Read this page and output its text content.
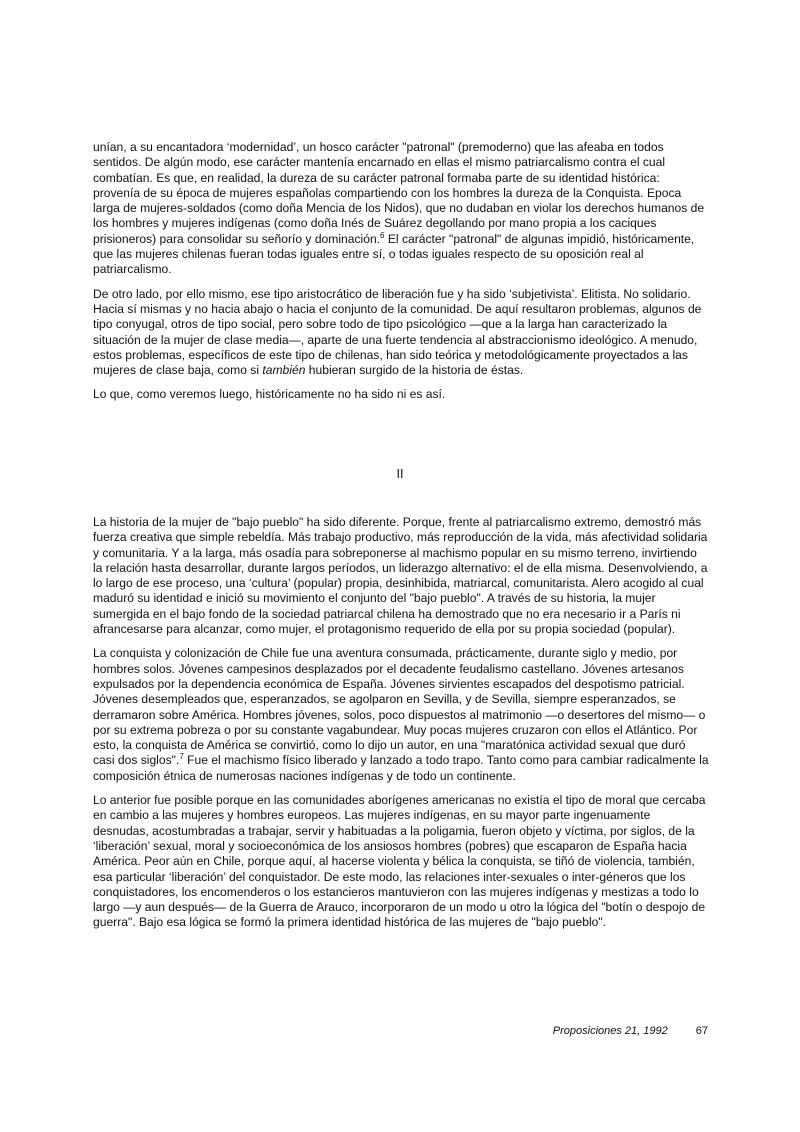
unían, a su encantadora ‘modernidad’, un hosco carácter "patronal" (premoderno) que las afeaba en todos sentidos. De algún modo, ese carácter mantenía encarnado en ellas el mismo patriarcalismo contra el cual combatían. Es que, en realidad, la dureza de su carácter patronal formaba parte de su identidad histórica: provenía de su época de mujeres españolas compartiendo con los hombres la dureza de la Conquista. Epoca larga de mujeres-soldados (como doña Mencia de los Nidos), que no dudaban en violar los derechos humanos de los hombres y mujeres indígenas (como doña Inés de Suárez degollando por mano propia a los caciques prisioneros) para consolidar su señorío y dominación.$^6$ El carácter "patronal" de algunas impidió, históricamente, que las mujeres chilenas fueran todas iguales entre sí, o todas iguales respecto de su oposición real al patriarcalismo.

De otro lado, por ello mismo, ese tipo aristocrático de liberación fue y ha sido ‘subjetivista’. Elitista. No solidario. Hacia sí mismas y no hacia abajo o hacia el conjunto de la comunidad. De aquí resultaron problemas, algunos de tipo conyugal, otros de tipo social, pero sobre todo de tipo psicológico —que a la larga han caracterizado la situación de la mujer de clase media—, aparte de una fuerte tendencia al abstraccionismo ideológico. A menudo, estos problemas, específicos de este tipo de chilenas, han sido teórica y metodológicamente proyectados a las mujeres de clase baja, como si también hubieran surgido de la historia de éstas.

Lo que, como veremos luego, históricamente no ha sido ni es así.

II

La historia de la mujer de "bajo pueblo" ha sido diferente. Porque, frente al patriarcalismo extremo, demostró más fuerza creativa que simple rebeldía. Más trabajo productivo, más reproducción de la vida, más afectividad solidaria y comunitaria. Y a la larga, más osadía para sobreponerse al machismo popular en su mismo terreno, invirtiendo la relación hasta desarrollar, durante largos períodos, un liderazgo alternativo: el de ella misma. Desenvolviendo, a lo largo de ese proceso, una ‘cultura’ (popular) propia, desinhibida, matriarcal, comunitarista. Alero acogido al cual maduró su identidad e inició su movimiento el conjunto del "bajo pueblo". A través de su historia, la mujer sumergida en el bajo fondo de la sociedad patriarcal chilena ha demostrado que no era necesario ir a París ni afrancesarse para alcanzar, como mujer, el protagonismo requerido de ella por su propia sociedad (popular).

La conquista y colonización de Chile fue una aventura consumada, prácticamente, durante siglo y medio, por hombres solos. Jóvenes campesinos desplazados por el decadente feudalismo castellano. Jóvenes artesanos expulsados por la dependencia económica de España. Jóvenes sirvientes escapados del despotismo patricial. Jóvenes desempleados que, esperanzados, se agolparon en Sevilla, y de Sevilla, siempre esperanzados, se derramaron sobre América. Hombres jóvenes, solos, poco dispuestos al matrimonio —o desertores del mismo— o por su extrema pobreza o por su constante vagabundear. Muy pocas mujeres cruzaron con ellos el Atlántico. Por esto, la conquista de América se convirtió, como lo dijo un autor, en una "maratónica actividad sexual que duró casi dos siglos".$^7$ Fue el machismo físico liberado y lanzado a todo trapo. Tanto como para cambiar radicalmente la composición étnica de numerosas naciones indígenas y de todo un continente.

Lo anterior fue posible porque en las comunidades aborígenes americanas no existía el tipo de moral que cercaba en cambio a las mujeres y hombres europeos. Las mujeres indígenas, en su mayor parte ingenuamente desnudas, acostumbradas a trabajar, servir y habituadas a la poligamia, fueron objeto y víctima, por siglos, de la ‘liberación’ sexual, moral y socioeconómica de los ansiosos hombres (pobres) que escaparon de España hacia América. Peor aún en Chile, porque aquí, al hacerse violenta y bélica la conquista, se tiñó de violencia, también, esa particular ‘liberación’ del conquistador. De este modo, las relaciones inter-sexuales o inter-géneros que los conquistadores, los encomenderos o los estancieros mantuvieron con las mujeres indígenas y mestizas a todo lo largo —y aun después— de la Guerra de Arauco, incorporaron de un modo u otro la lógica del "botín o despojo de guerra". Bajo esa lógica se formó la primera identidad histórica de las mujeres de "bajo pueblo".

Proposiciones 21, 1992	67
